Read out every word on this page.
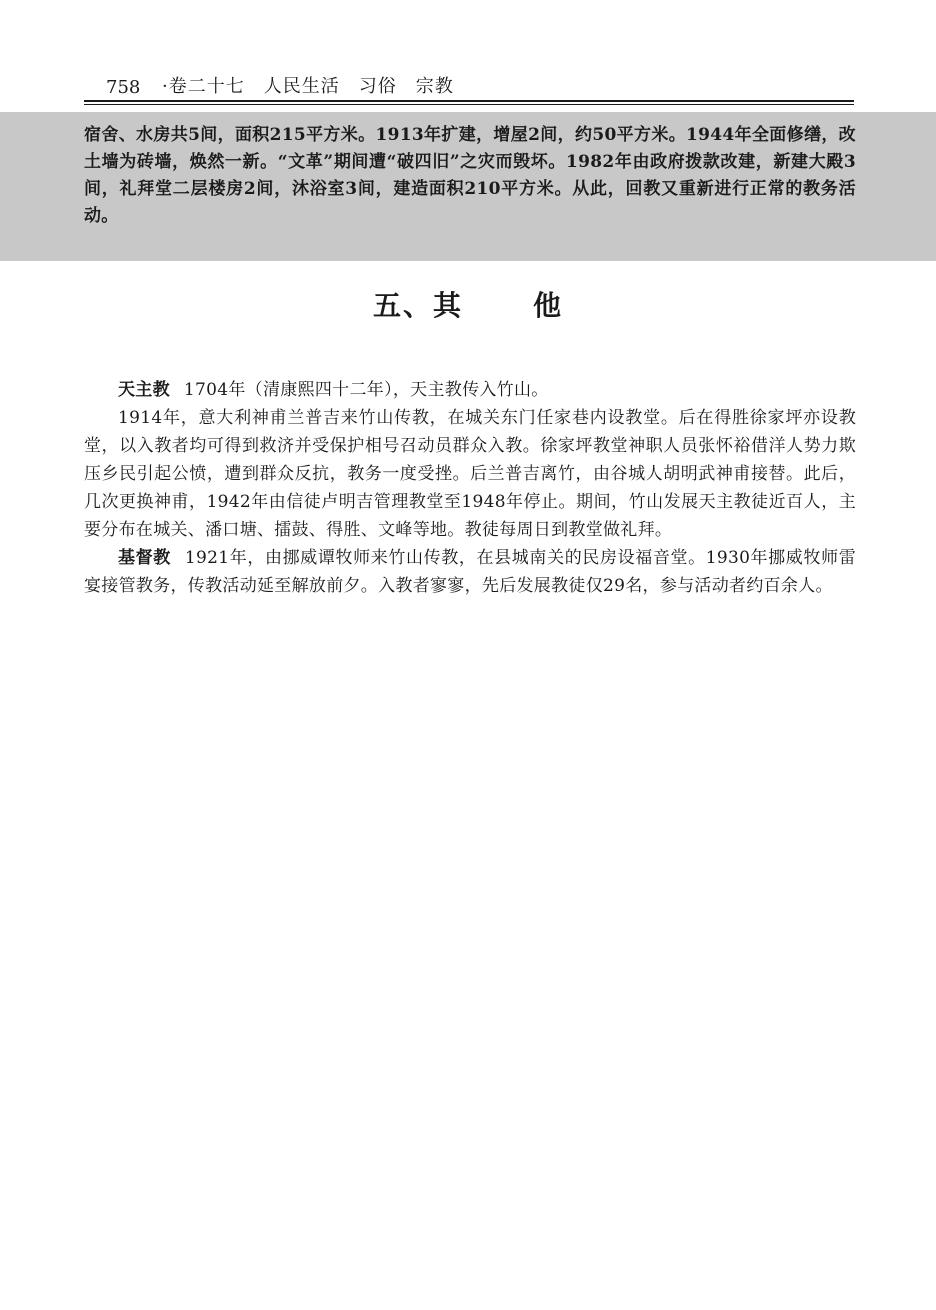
758 ·卷二十七　人民生活　习俗　宗教
宿舍、水房共5间，面积215平方米。1913年扩建，增屋2间，约50平方米。1944年全面修缮，改土墙为砖墙，焕然一新。“文革”期间遭“破四旧”之灾而毁坏。1982年由政府拨款改建，新建大殿3间，礼拜堂二层楼房2间，沐浴室3间，建造面积210平方米。从此，回教又重新进行正常的教务活动。
五、其	他

天主教 1704年（清康熙四十二年），天主教传入竹山。

1914年，意大利神甫兰普吉来竹山传教，在城关东门任家巷内设教堂。后在得胜徐家坪亦设教堂，以入教者均可得到救济并受保护相号召动员群众入教。徐家坪教堂神职人员张怀裕借洋人势力欺压乡民引起公愤，遭到群众反抗，教务一度受挫。后兰普吉离竹，由谷城人胡明武神甫接替。此后，几次更换神甫，1942年由信徒卢明吉管理教堂至1948年停止。期间，竹山发展天主教徒近百人，主要分布在城关、潘口塘、擂鼓、得胜、文峰等地。教徒每周日到教堂做礼拜。

基督教 1921年，由挪威谭牧师来竹山传教，在县城南关的民房设福音堂。1930年挪威牧师雷宴接管教务，传教活动延至解放前夕。入教者寥寥，先后发展教徒仅29名，参与活动者约百余人。
